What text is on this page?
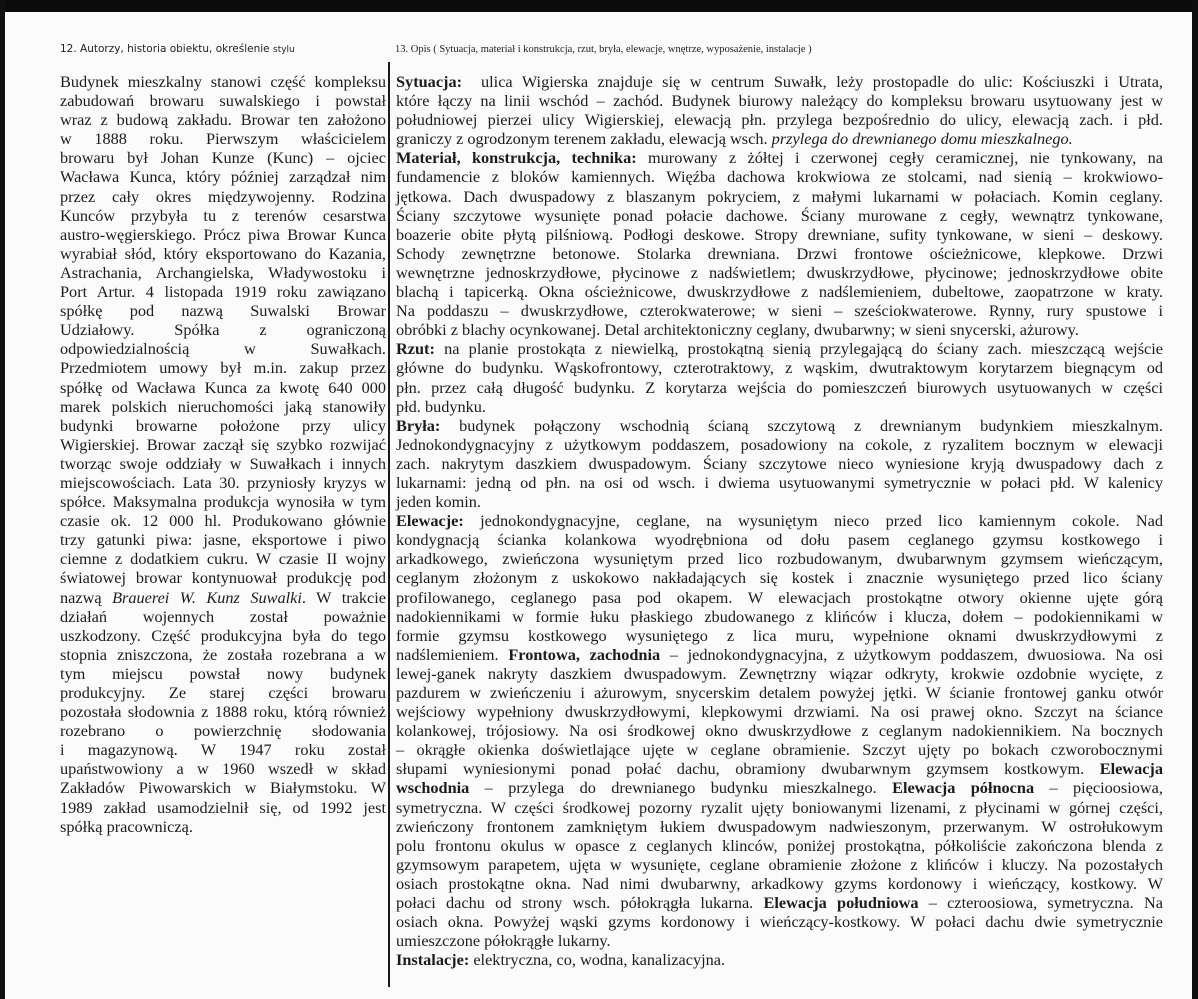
12. Autorzy, historia obiektu, określenie stylu	13. Opis ( Sytuacja, materiał i konstrukcja, rzut, bryła, elewacje, wnętrze, wyposażenie, instalacje )
Budynek mieszkalny stanowi część kompleksu
zabudowań browaru suwalskiego i powstał
wraz z budową zakładu. Browar ten założono
w 1888 roku. Pierwszym właścicielem
browaru był Johan Kunze (Kunc) – ojciec
Wacława Kunca, który później zarządzał nim
przez cały okres międzywojenny. Rodzina
Kunców przybyła tu z terenów cesarstwa
austro-węgierskiego. Prócz piwa Browar Kunca
wyrabiał słód, który eksportowano do Kazania,
Astrachania, Archangielska, Władywostoku i
Port Artur. 4 listopada 1919 roku zawiązano
spółkę pod nazwą Suwalski Browar
Udziałowy. Spółka z ograniczoną
odpowiedzialnością w Suwałkach.
Przedmiotem umowy był m.in. zakup przez
spółkę od Wacława Kunca za kwotę 640 000
marek polskich nieruchomości jaką stanowiły
budynki browarne położone przy ulicy
Wigierskiej. Browar zaczął się szybko rozwijać
tworząc swoje oddziały w Suwałkach i innych
miejscowościach. Lata 30. przyniosły kryzys w
spółce. Maksymalna produkcja wynosiła w tym
czasie ok. 12 000 hl. Produkowano głównie
trzy gatunki piwa: jasne, eksportowe i piwo
ciemne z dodatkiem cukru. W czasie II wojny
światowej browar kontynuował produkcję pod
nazwą Brauerei W. Kunz Suwalki. W trakcie
działań wojennych został poważnie
uszkodzony. Część produkcyjna była do tego
stopnia zniszczona, że została rozebrana a w
tym miejscu powstał nowy budynek
produkcyjny. Ze starej części browaru
pozostała słodownia z 1888 roku, którą również
rozebrano o powierzchnię słodowania
i magazynową. W 1947 roku został
upaństwowiony a w 1960 wszedł w skład
Zakładów Piwowarskich w Białymstoku. W
1989 zakład usamodzielnił się, od 1992 jest
spółką pracowniczą.
Sytuacja: ulica Wigierska znajduje się w centrum Suwałk, leży prostopadle do ulic: Kościuszki i Utrata,
które łączy na linii wschód – zachód. Budynek biurowy należący do kompleksu browaru usytuowany jest w
południowej pierzei ulicy Wigierskiej, elewacją płn. przylega bezpośrednio do ulicy, elewacją zach. i płd.
graniczy z ogrodzonym terenem zakładu, elewacją wsch. przylega do drewnianego domu mieszkalnego.
Materiał, konstrukcja, technika: murowany z żółtej i czerwonej cegły ceramicznej, nie tynkowany, na
fundamencie z bloków kamiennych. Więźba dachowa krokwiowa ze stolcami, nad sienią – krokwiowo-
jętkowa. Dach dwuspadowy z blaszanym pokryciem, z małymi lukarnami w połaciach. Komin ceglany.
Ściany szczytowe wysunięte ponad połacie dachowe. Ściany murowane z cegły, wewnątrz tynkowane,
boazerie obite płytą pilśniową. Podłogi deskowe. Stropy drewniane, sufity tynkowane, w sieni – deskowy.
Schody zewnętrzne betonowe. Stolarka drewniana. Drzwi frontowe ościeżnicowe, klepkowe. Drzwi
wewnętrzne jednoskrzydłowe, płycinowe z nadświetlem; dwuskrzydłowe, płycinowe; jednoskrzydłowe obite
blachą i tapicerką. Okna ościeżnicowe, dwuskrzydłowe z nadślemieniem, dubeltowe, zaopatrzone w kraty.
Na poddaszu – dwuskrzydłowe, czterokwaterowe; w sieni – sześciokwaterowe. Rynny, rury spustowe i
obróbki z blachy ocynkowanej. Detal architektoniczny ceglany, dwubarwny; w sieni snycerski, ażurowy.
Rzut: na planie prostokąta z niewielką, prostokątną sienią przylegającą do ściany zach. mieszczącą wejście
główne do budynku. Wąskofrontowy, czterotraktowy, z wąskim, dwutraktowym korytarzem biegnącym od
płn. przez całą długość budynku. Z korytarza wejścia do pomieszczeń biurowych usytuowanych w części
płd. budynku.
Bryła: budynek połączony wschodnią ścianą szczytową z drewnianym budynkiem mieszkalnym.
Jednokondygnacyjny z użytkowym poddaszem, posadowiony na cokole, z ryzalitem bocznym w elewacji
zach. nakrytym daszkiem dwuspadowym. Ściany szczytowe nieco wyniesione kryją dwuspadowy dach z
lukarnami: jedną od płn. na osi od wsch. i dwiema usytuowanymi symetrycznie w połaci płd. W kalenicy
jeden komin.
Elewacje: jednokondygnacyjne, ceglane, na wysuniętym nieco przed lico kamiennym cokole. Nad
kondygnacją ścianka kolankowa wyodrębniona od dołu pasem ceglanego gzymsu kostkowego i
arkadkowego, zwieńczona wysuniętym przed lico rozbudowanym, dwubarwnym gzymsem wieńczącym,
ceglanym złożonym z uskokowo nakładających się kostek i znacznie wysuniętego przed lico ściany
profilowanego, ceglanego pasa pod okapem. W elewacjach prostokątne otwory okienne ujęte górą
nadokiennikami w formie łuku płaskiego zbudowanego z klińców i klucza, dołem – podokiennikami w
formie gzymsu kostkowego wysuniętego z lica muru, wypełnione oknami dwuskrzydłowymi z
nadślemieniem. Frontowa, zachodnia – jednokondygnacyjna, z użytkowym poddaszem, dwuosiowa. Na osi
lewej-ganek nakryty daszkiem dwuspadowym. Zewnętrzny wiązar odkryty, krokwie ozdobnie wycięte, z
pazdurem w zwieńczeniu i ażurowym, snycerskim detalem powyżej jętki. W ścianie frontowej ganku otwór
wejściowy wypełniony dwuskrzydłowymi, klepkowymi drzwiami. Na osi prawej okno. Szczyt na ściance
kolankowej, trójosiowy. Na osi środkowej okno dwuskrzydłowe z ceglanym nadokiennikiem. Na bocznych
– okrągłe okienka doświetlające ujęte w ceglane obramienie. Szczyt ujęty po bokach czworobocznymi
słupami wyniesionymi ponad połać dachu, obramiony dwubarwnym gzymsem kostkowym. Elewacja
wschodnia – przylega do drewnianego budynku mieszkalnego. Elewacja północna – pięcioosiowa,
symetryczna. W części środkowej pozorny ryzalit ujęty boniowanymi lizenami, z płycinami w górnej części,
zwieńczony frontonem zamkniętym łukiem dwuspadowym nadwieszonym, przerwanym. W ostrołukowym
polu frontonu okulus w opasce z ceglanych klinców, poniżej prostokątna, półkoliście zakończona blenda z
gzymsowym parapetem, ujęta w wysunięte, ceglane obramienie złożone z klińców i kluczy. Na pozostałych
osiach prostokątne okna. Nad nimi dwubarwny, arkadkowy gzyms kordonowy i wieńczący, kostkowy. W
połaci dachu od strony wsch. półokrągła lukarna. Elewacja południowa – czteroosiowa, symetryczna. Na
osiach okna. Powyżej wąski gzyms kordonowy i wieńczący-kostkowy. W połaci dachu dwie symetrycznie
umieszczone półokrągłe lukarny.
Instalacje: elektryczna, co, wodna, kanalizacyjna.
